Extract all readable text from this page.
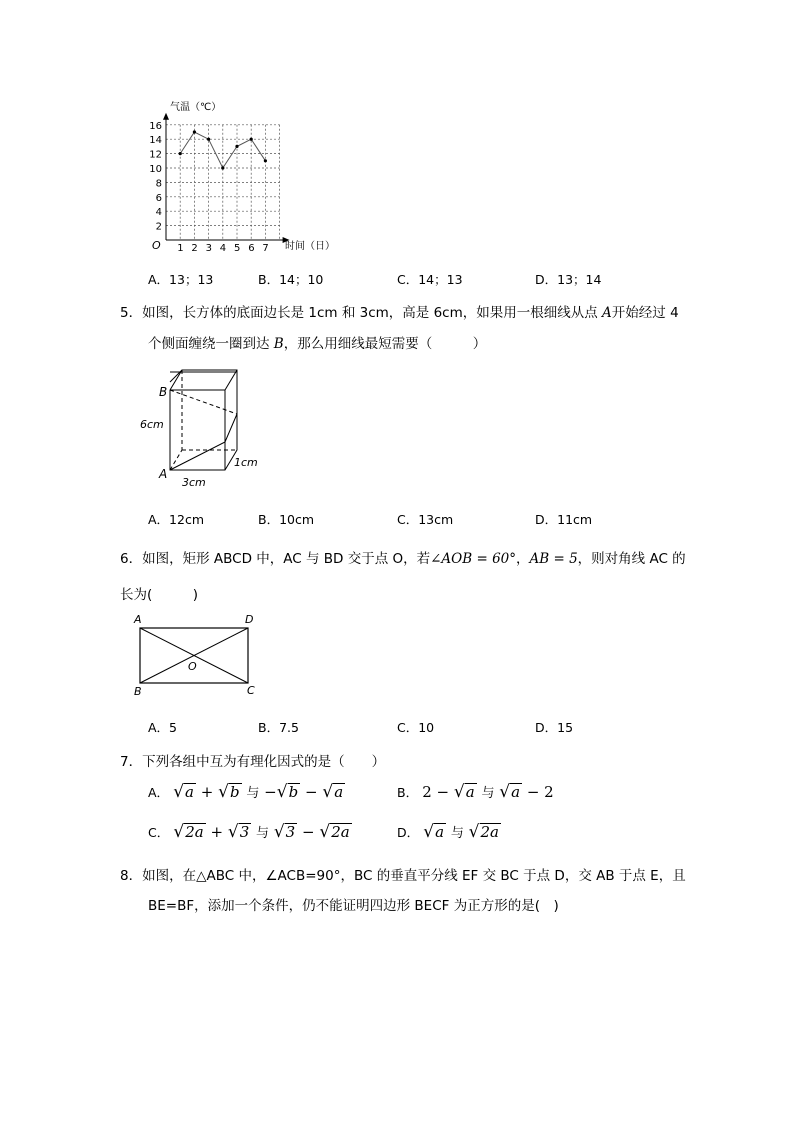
1 2 3 4 5 6 7
2
4
6
8
10
12
14
16
气温（℃）
时间（日）
O
A．13；13	B．14；10	C．14；13	D．13；14
5．如图，长方体的底面边长是 1cm 和 3cm，高是 6cm，如果用一根细线从点 A开始经过 4
个侧面缠绕一圈到达 B，那么用细线最短需要（　　　）
B
A
6cm
3cm
1cm
A．12cm	B．10cm	C．13cm	D．11cm
6．如图，矩形 ABCD 中，AC 与 BD 交于点 O，若∠AOB = 60°，AB = 5，则对角线 AC 的
长为(　　　)
A	D
B	C
O
A．5	B．7.5	C．10	D．15
7．下列各组中互为有理化因式的是（　　）
A． √a + √b 与 −√b − √a	B． 2 − √a 与 √a − 2
C． √2a + √3 与 √3 − √2a	D． √a 与 √2a
8．如图，在△ABC 中，∠ACB=90°，BC 的垂直平分线 EF 交 BC 于点 D，交 AB 于点 E，且
BE=BF，添加一个条件，仍不能证明四边形 BECF 为正方形的是(　)
